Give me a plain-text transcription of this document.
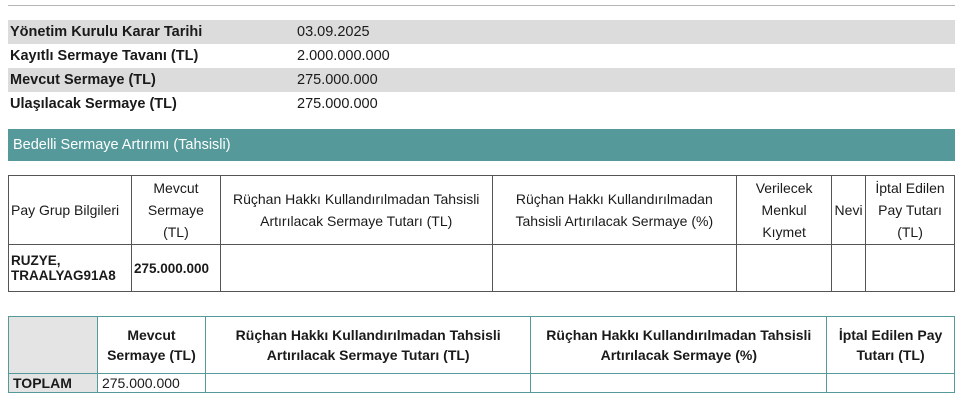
Yönetim Kurulu Karar Tarihi	03.09.2025
Kayıtlı Sermaye Tavanı (TL)	2.000.000.000
Mevcut Sermaye (TL)	275.000.000
Ulaşılacak Sermaye (TL)	275.000.000
Bedelli Sermaye Artırımı (Tahsisli)
Pay Grup Bilgileri	Mevcut Sermaye (TL)	Rüçhan Hakkı Kullandırılmadan Tahsisli Artırılacak Sermaye Tutarı (TL)	Rüçhan Hakkı Kullandırılmadan Tahsisli Artırılacak Sermaye (%)	Verilecek Menkul Kıymet	Nevi	İptal Edilen Pay Tutarı (TL)
RUZYE, TRAALYAG91A8	275.000.000					
	Mevcut Sermaye (TL)	Rüçhan Hakkı Kullandırılmadan Tahsisli Artırılacak Sermaye Tutarı (TL)	Rüçhan Hakkı Kullandırılmadan Tahsisli Artırılacak Sermaye (%)	İptal Edilen Pay Tutarı (TL)
TOPLAM	275.000.000			
